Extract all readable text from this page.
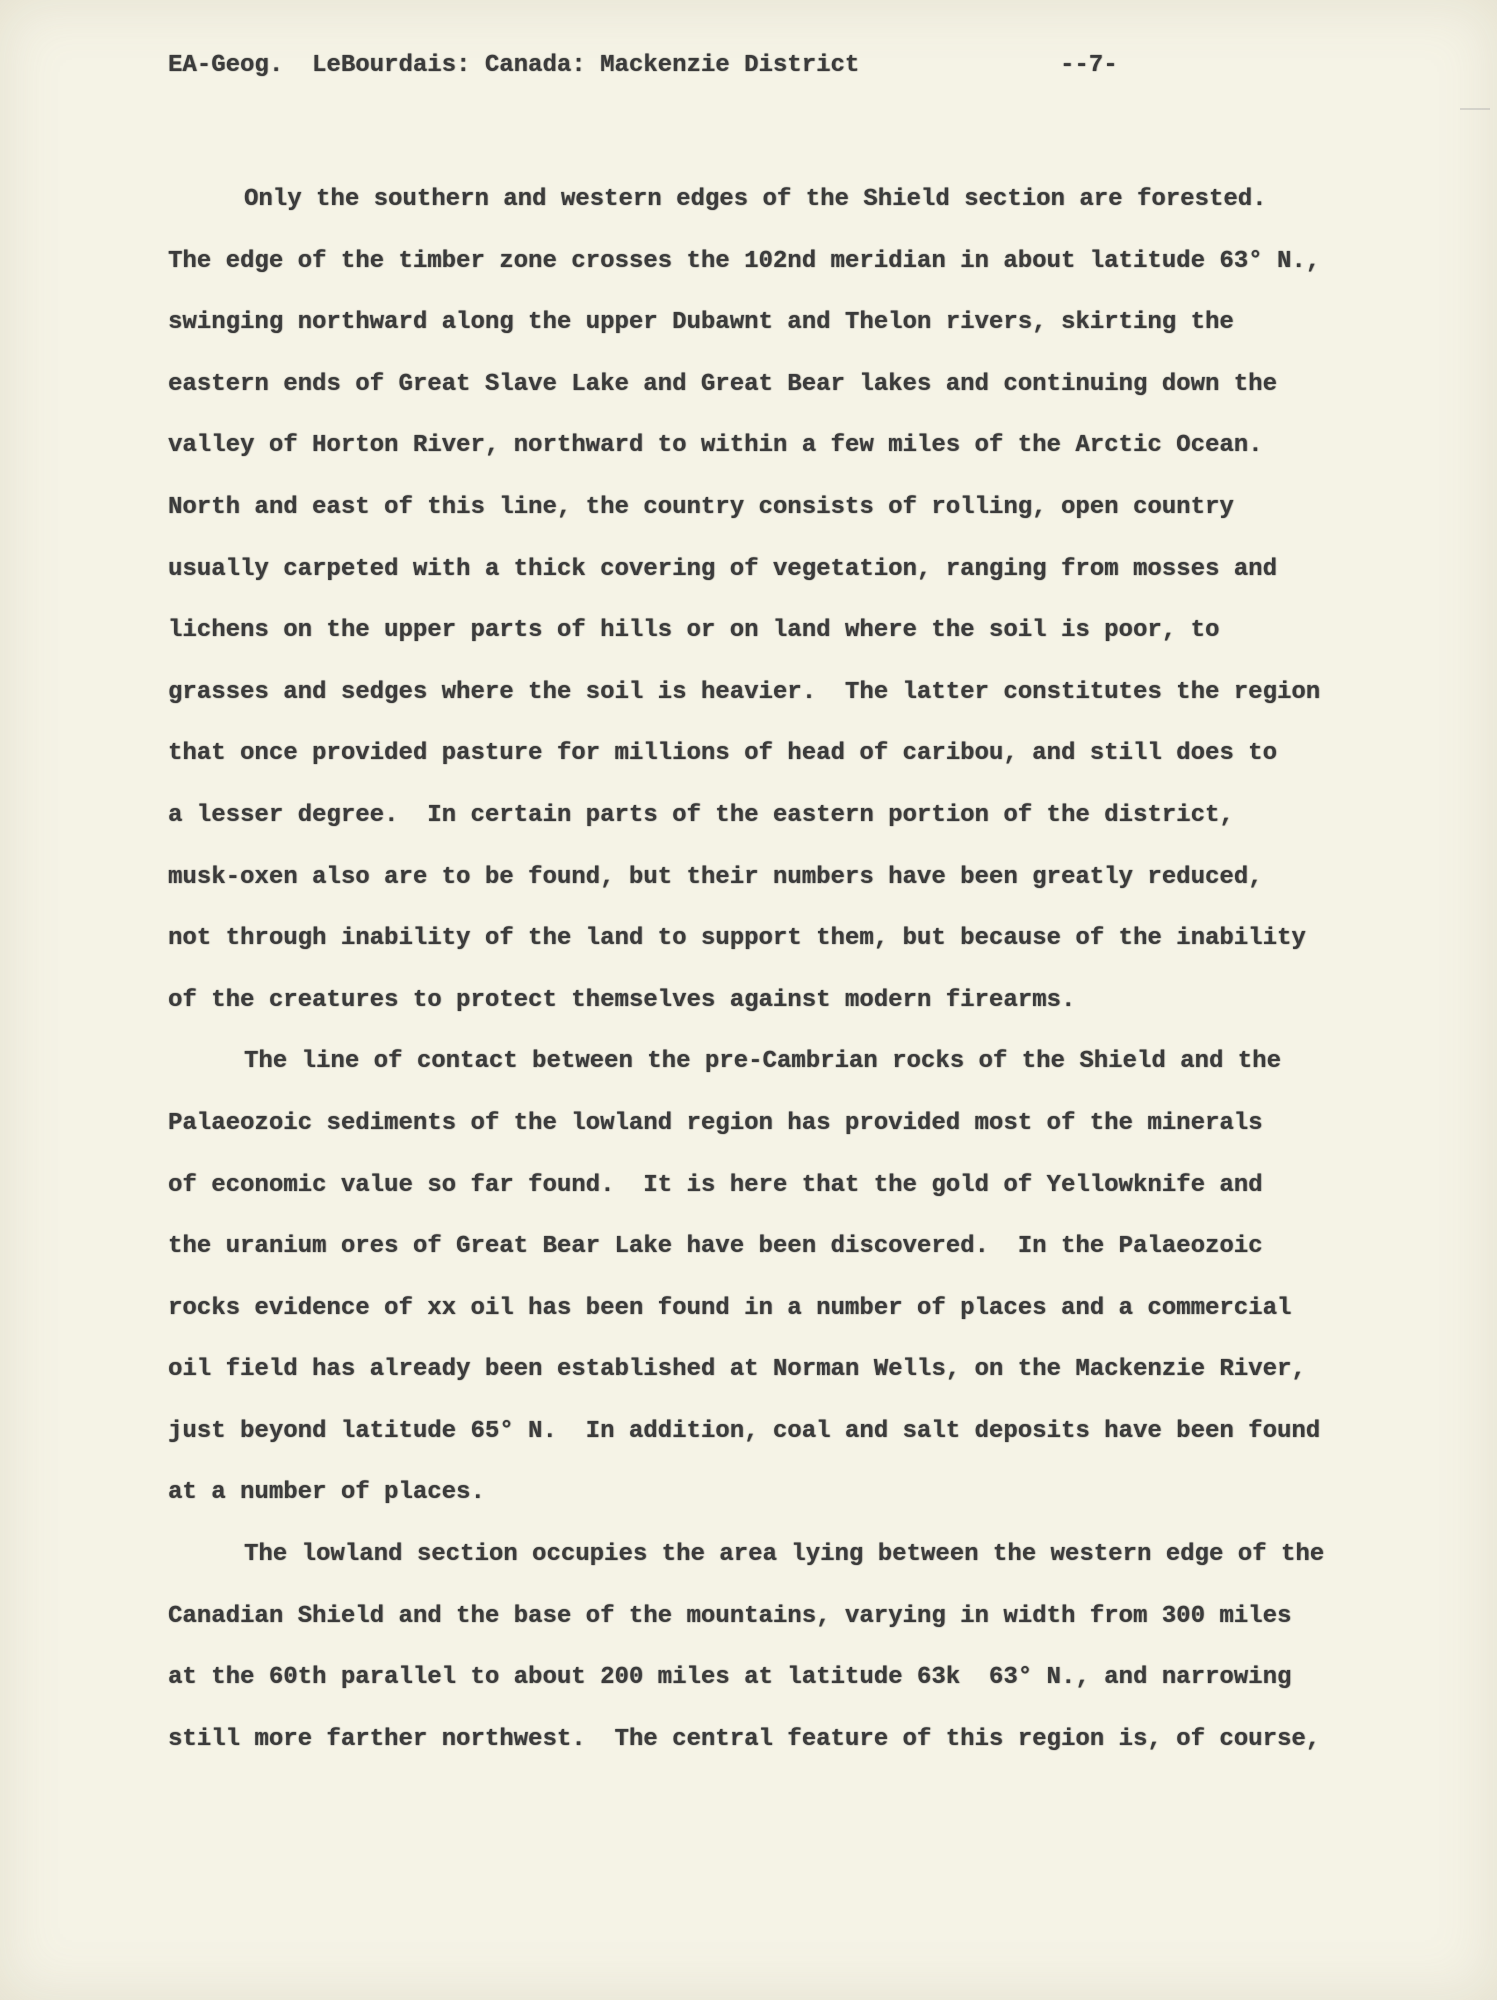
EA-Geog.  LeBourdais: Canada: Mackenzie District	--7-
Only the southern and western edges of the Shield section are forested.
The edge of the timber zone crosses the 102nd meridian in about latitude 63° N.,
swinging northward along the upper Dubawnt and Thelon rivers, skirting the
eastern ends of Great Slave Lake and Great Bear lakes and continuing down the
valley of Horton River, northward to within a few miles of the Arctic Ocean.
North and east of this line, the country consists of rolling, open country
usually carpeted with a thick covering of vegetation, ranging from mosses and
lichens on the upper parts of hills or on land where the soil is poor, to
grasses and sedges where the soil is heavier.  The latter constitutes the region
that once provided pasture for millions of head of caribou, and still does to
a lesser degree.  In certain parts of the eastern portion of the district,
musk-oxen also are to be found, but their numbers have been greatly reduced,
not through inability of the land to support them, but because of the inability
of the creatures to protect themselves against modern firearms.
The line of contact between the pre-Cambrian rocks of the Shield and the
Palaeozoic sediments of the lowland region has provided most of the minerals
of economic value so far found.  It is here that the gold of Yellowknife and
the uranium ores of Great Bear Lake have been discovered.  In the Palaeozoic
rocks evidence of xx oil has been found in a number of places and a commercial
oil field has already been established at Norman Wells, on the Mackenzie River,
just beyond latitude 65° N.  In addition, coal and salt deposits have been found
at a number of places.
The lowland section occupies the area lying between the western edge of the
Canadian Shield and the base of the mountains, varying in width from 300 miles
at the 60th parallel to about 200 miles at latitude 63k  63° N., and narrowing
still more farther northwest.  The central feature of this region is, of course,
